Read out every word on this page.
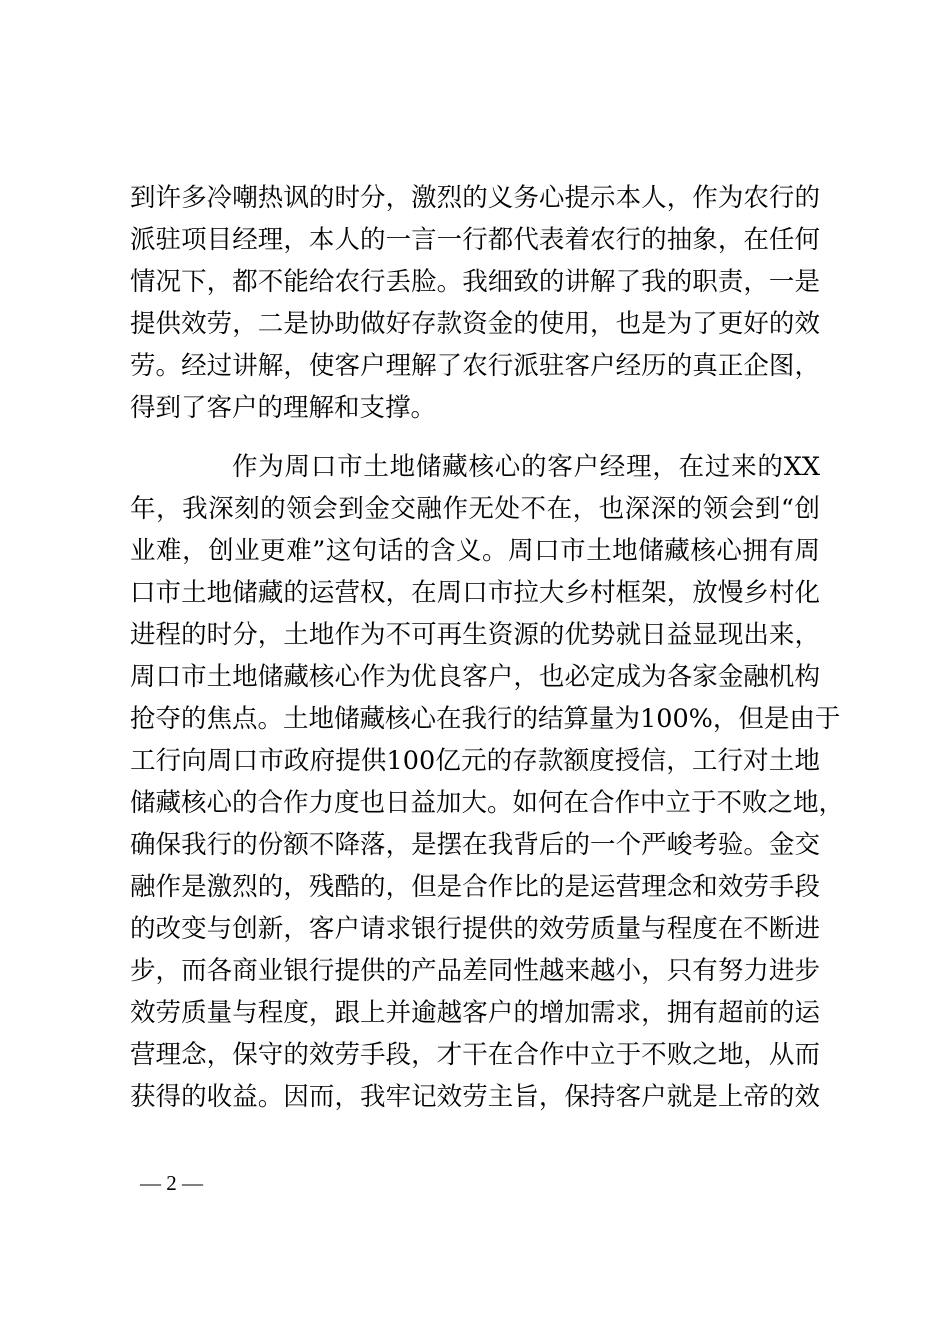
到许多冷嘲热讽的时分，激烈的义务心提示本人，作为农行的
派驻项目经理，本人的一言一行都代表着农行的抽象，在任何
情况下，都不能给农行丢脸。我细致的讲解了我的职责，一是
提供效劳，二是协助做好存款资金的使用，也是为了更好的效
劳。经过讲解，使客户理解了农行派驻客户经历的真正企图，
得到了客户的理解和支撑。
作为周口市土地储藏核心的客户经理，在过来的XX
年，我深刻的领会到金交融作无处不在，也深深的领会到“创
业难，创业更难”这句话的含义。周口市土地储藏核心拥有周
口市土地储藏的运营权，在周口市拉大乡村框架，放慢乡村化
进程的时分，土地作为不可再生资源的优势就日益显现出来，
周口市土地储藏核心作为优良客户，也必定成为各家金融机构
抢夺的焦点。土地储藏核心在我行的结算量为100%，但是由于
工行向周口市政府提供100亿元的存款额度授信，工行对土地
储藏核心的合作力度也日益加大。如何在合作中立于不败之地，
确保我行的份额不降落，是摆在我背后的一个严峻考验。金交
融作是激烈的，残酷的，但是合作比的是运营理念和效劳手段
的改变与创新，客户请求银行提供的效劳质量与程度在不断进
步，而各商业银行提供的产品差同性越来越小，只有努力进步
效劳质量与程度，跟上并逾越客户的增加需求，拥有超前的运
营理念，保守的效劳手段，才干在合作中立于不败之地，从而
获得的收益。因而，我牢记效劳主旨，保持客户就是上帝的效
— 2 —
